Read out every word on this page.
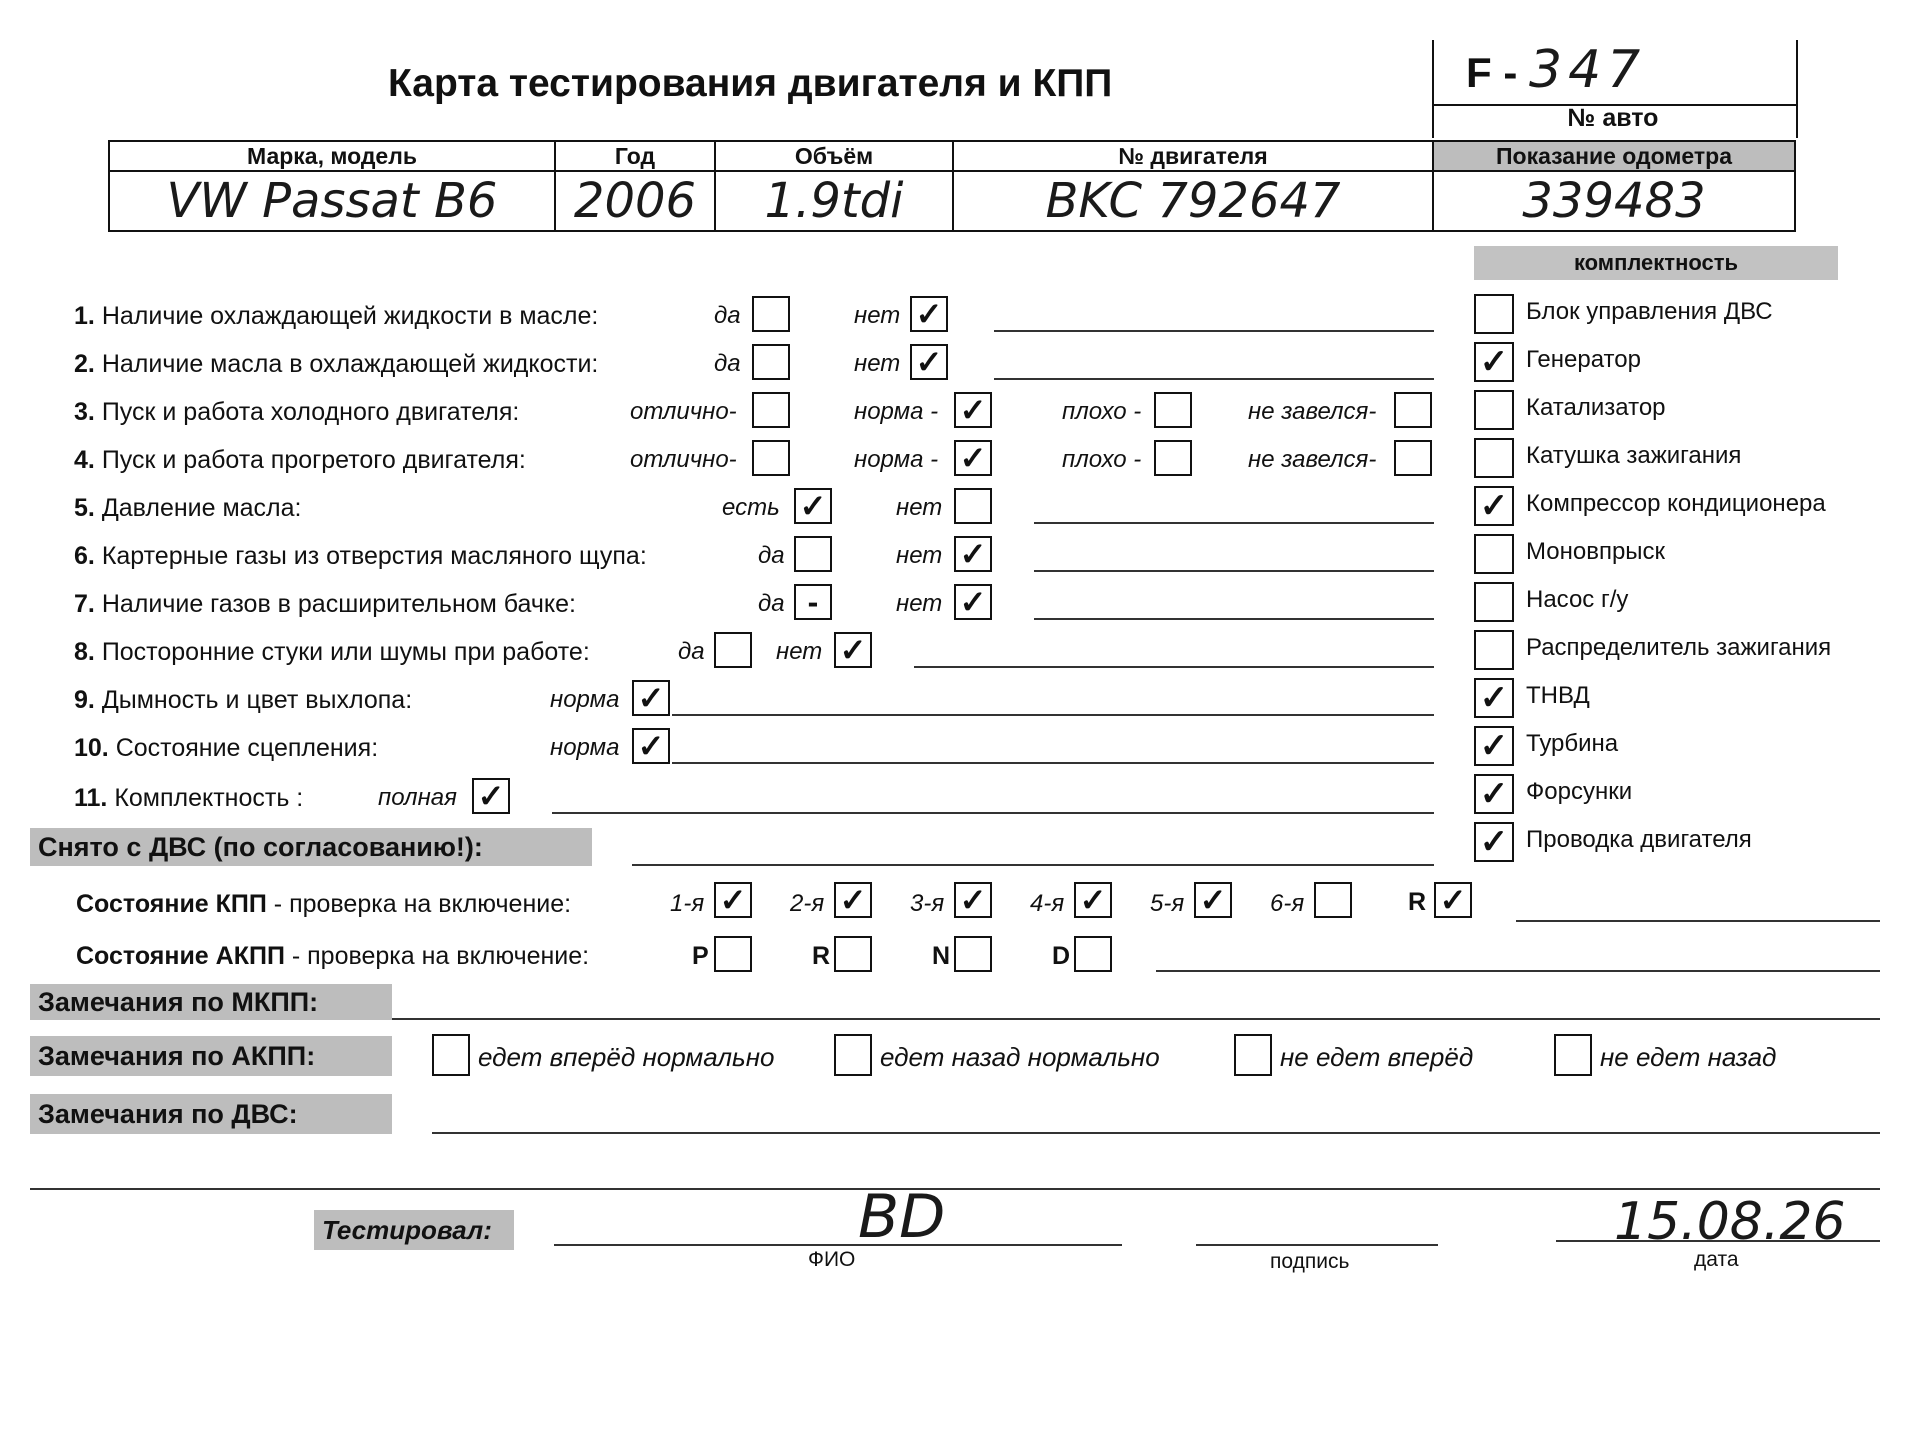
Карта тестирования двигателя и КПП	F - 347
№ авто
Марка, модель	Год	Объём	№ двигателя	Показание одометра
VW Passat B6	2006	1.9tdi	BKC 792647	339483
комплектность
1. Наличие охлаждающей жидкости в масле:	да	нет ✓
2. Наличие масла в охлаждающей жидкости:	да	нет ✓
3. Пуск и работа холодного двигателя:	отлично-	норма - ✓	плохо -	не завелся-
4. Пуск и работа прогретого двигателя:	отлично-	норма - ✓	плохо -	не завелся-
5. Давление масла:	есть ✓	нет
6. Картерные газы из отверстия масляного щупа:	да	нет ✓
7. Наличие газов в расширительном бачке:	да -	нет ✓
8. Посторонние стуки или шумы при работе:	да	нет ✓
9. Дымность и цвет выхлопа:	норма ✓
10. Состояние сцепления:	норма ✓
11. Комплектность :	полная ✓
Блок управления ДВС
✓ Генератор
Катализатор
Катушка зажигания
✓ Компрессор кондиционера
Моновпрыск
Насос г/у
Распределитель зажигания
✓ ТНВД
✓ Турбина
✓ Форсунки
✓ Проводка двигателя
Снято с ДВС (по согласованию!):
Состояние КПП - проверка на включение:	1-я ✓ 2-я ✓ 3-я ✓ 4-я ✓ 5-я ✓ 6-я	R ✓
Состояние АКПП - проверка на включение:	P	R	N	D
Замечания по МКПП:
Замечания по АКПП:	едет вперёд нормально	едет назад нормально	не едет вперёд	не едет назад
Замечания по ДВС:
Тестировал:	BD
ФИО	подпись
15.08.26
дата
